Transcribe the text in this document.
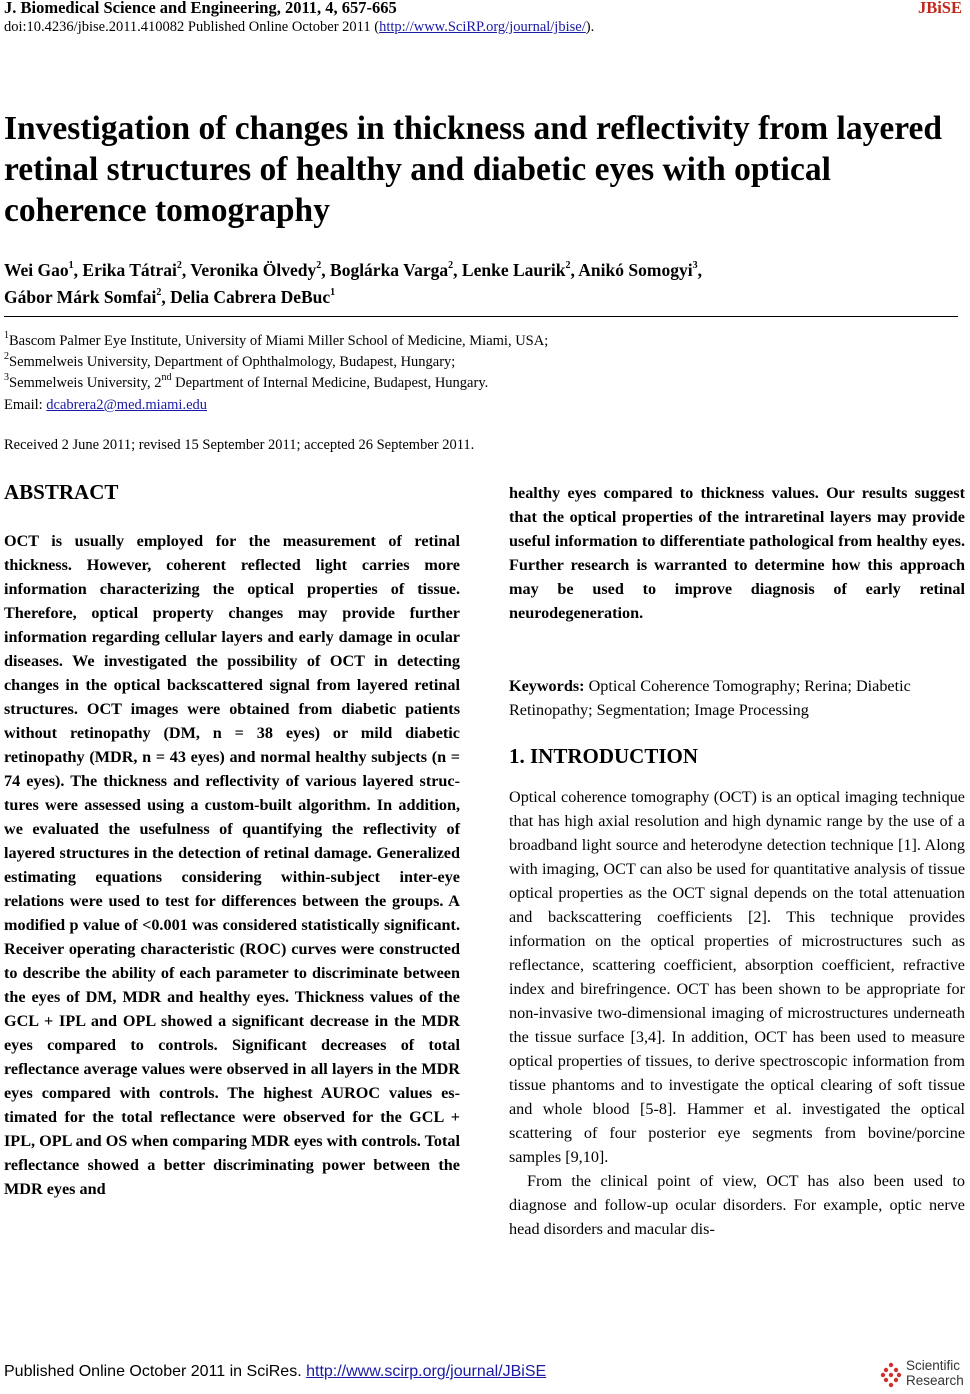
J. Biomedical Science and Engineering, 2011, 4, 657-665	JBiSE
doi:10.4236/jbise.2011.410082 Published Online October 2011 (http://www.SciRP.org/journal/jbise/).
Investigation of changes in thickness and reflectivity from layered retinal structures of healthy and diabetic eyes with optical coherence tomography
Wei Gao$^1$, Erika Tátrai$^2$, Veronika Ölvedy$^2$, Boglárka Varga$^2$, Lenke Laurik$^2$, Anikó Somogyi$^3$,
Gábor Márk Somfai$^2$, Delia Cabrera DeBuc$^1$
$^1$Bascom Palmer Eye Institute, University of Miami Miller School of Medicine, Miami, USA;
$^2$Semmelweis University, Department of Ophthalmology, Budapest, Hungary;
$^3$Semmelweis University, 2nd Department of Internal Medicine, Budapest, Hungary.
Email: dcabrera2@med.miami.edu
Received 2 June 2011; revised 15 September 2011; accepted 26 September 2011.
ABSTRACT
OCT is usually employed for the measurement of retinal thickness. However, coherent reflected light carries more information characterizing the optical properties of tissue. Therefore, optical property changes may provide further information regarding cellular layers and early damage in ocular diseases. We investigated the possibility of OCT in detecting changes in the optical backscattered signal from layered retinal structures. OCT images were obtained from diabetic patients without retinopathy (DM, n = 38 eyes) or mild diabetic retinopathy (MDR, n = 43 eyes) and normal healthy subjects (n = 74 eyes). The thickness and reflectivity of various layered structures were assessed using a custom-built algorithm. In addition, we evaluated the usefulness of quantifying the reflectivity of layered structures in the detection of retinal damage. Generalized estimating equations considering within-subject inter-eye relations were used to test for differences between the groups. A modified p value of <0.001 was considered statistically significant. Receiver operating characteristic (ROC) curves were constructed to describe the ability of each parameter to discriminate between the eyes of DM, MDR and healthy eyes. Thickness values of the GCL + IPL and OPL showed a significant decrease in the MDR eyes compared to controls. Significant decreases of total reflectance average values were observed in all layers in the MDR eyes compared with controls. The highest AUROC values estimated for the total reflectance were observed for the GCL + IPL, OPL and OS when comparing MDR eyes with controls. Total reflectance showed a better discriminating power between the MDR eyes and
healthy eyes compared to thickness values. Our results suggest that the optical properties of the intraretinal layers may provide useful information to differentiate pathological from healthy eyes. Further research is warranted to determine how this approach may be used to improve diagnosis of early retinal neurodegeneration.
Keywords: Optical Coherence Tomography; Rerina; Diabetic Retinopathy; Segmentation; Image Processing
1. INTRODUCTION

Optical coherence tomography (OCT) is an optical imaging technique that has high axial resolution and high dynamic range by the use of a broadband light source and heterodyne detection technique [1]. Along with imaging, OCT can also be used for quantitative analysis of tissue optical properties as the OCT signal depends on the total attenuation and backscattering coefficients [2]. This technique provides information on the optical properties of microstructures such as reflectance, scattering coefficient, absorption coefficient, refractive index and birefringence. OCT has been shown to be appropriate for non-invasive two-dimensional imaging of microstructures underneath the tissue surface [3,4]. In addition, OCT has been used to measure optical properties of tissues, to derive spectroscopic information from tissue phantoms and to investigate the optical clearing of soft tissue and whole blood [5-8]. Hammer et al. investigated the optical scattering of four posterior eye segments from bovine/porcine samples [9,10].

From the clinical point of view, OCT has also been used to diagnose and follow-up ocular disorders. For example, optic nerve head disorders and macular dis-

Published Online October 2011 in SciRes. http://www.scirp.org/journal/JBiSE	Scientific
Research
